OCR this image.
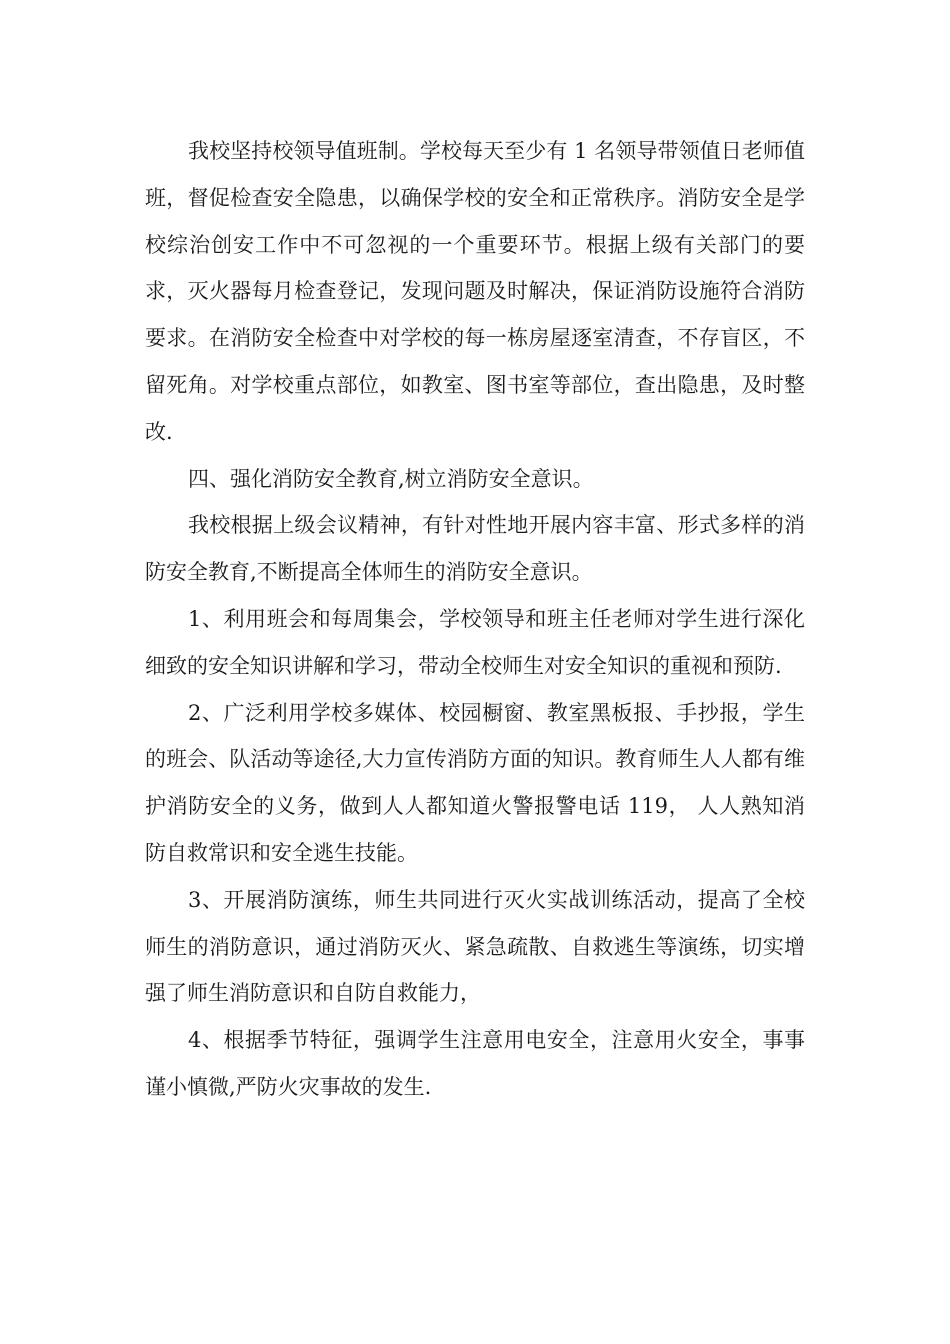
我校坚持校领导值班制。学校每天至少有 1 名领导带领值日老师值班，督促检查安全隐患，以确保学校的安全和正常秩序。消防安全是学校综治创安工作中不可忽视的一个重要环节。根据上级有关部门的要求，灭火器每月检查登记，发现问题及时解决，保证消防设施符合消防要求。在消防安全检查中对学校的每一栋房屋逐室清查，不存盲区，不留死角。对学校重点部位，如教室、图书室等部位，查出隐患，及时整改.

四、强化消防安全教育,树立消防安全意识。

我校根据上级会议精神，有针对性地开展内容丰富、形式多样的消防安全教育,不断提高全体师生的消防安全意识。

1、利用班会和每周集会，学校领导和班主任老师对学生进行深化细致的安全知识讲解和学习，带动全校师生对安全知识的重视和预防.

2、广泛利用学校多媒体、校园橱窗、教室黑板报、手抄报，学生的班会、队活动等途径,大力宣传消防方面的知识。教育师生人人都有维护消防安全的义务，做到人人都知道火警报警电话 119， 人人熟知消防自救常识和安全逃生技能。

3、开展消防演练，师生共同进行灭火实战训练活动，提高了全校师生的消防意识，通过消防灭火、紧急疏散、自救逃生等演练，切实增强了师生消防意识和自防自救能力，

4、根据季节特征，强调学生注意用电安全，注意用火安全，事事谨小慎微,严防火灾事故的发生.
